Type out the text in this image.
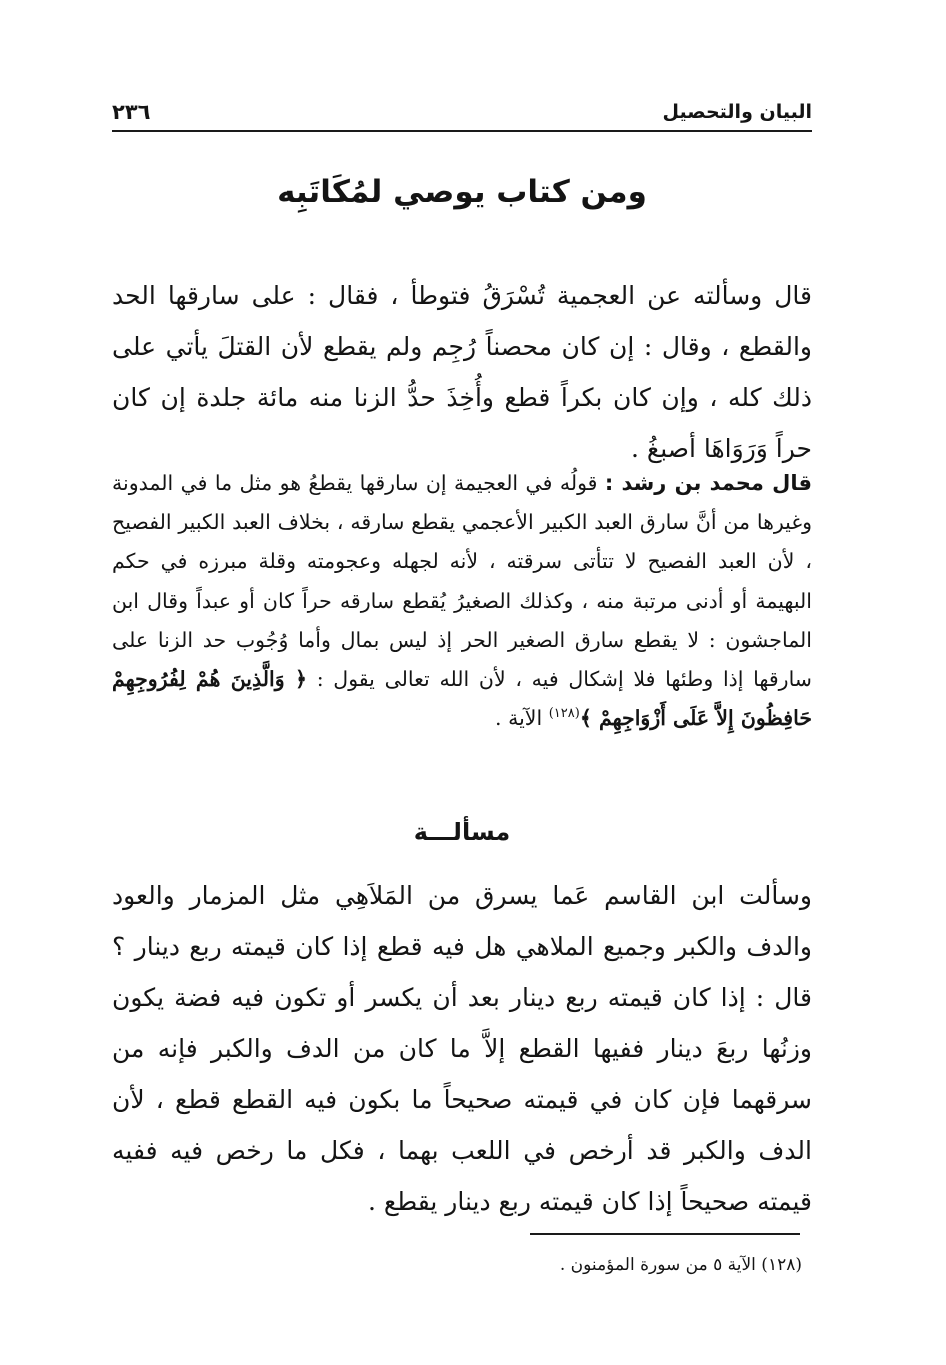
البيان والتحصيل
٢٣٦
ومن كتاب يوصي لمُكَاتَبِه

قال وسألته عن العجمية تُسْرَقُ فتوطأ ، فقال : على سارقها الحد والقطع ، وقال : إن كان محصناً رُجِم ولم يقطع لأن القتلَ يأتي على ذلك كله ، وإن كان بكراً قطع وأُخِذَ حدُّ الزنا منه مائة جلدة إن كان حراً وَرَوَاهَا أصبغُ .

قال محمد بن رشد : قولُه في العجيمة إن سارقها يقطعُ هو مثل ما في المدونة وغيرها من أنَّ سارق العبد الكبير الأعجمي يقطع سارقه ، بخلاف العبد الكبير الفصيح ، لأن العبد الفصيح لا تتأتى سرقته ، لأنه لجهله وعجومته وقلة مبرزه في حكم البهيمة أو أدنى مرتبة منه ، وكذلك الصغيرُ يُقطع سارقه حراً كان أو عبداً وقال ابن الماجشون : لا يقطع سارق الصغير الحر إذ ليس بمال وأما وُجُوب حد الزنا على سارقها إذا وطئها فلا إشكال فيه ، لأن الله تعالى يقول : ﴿ وَالَّذِينَ هُمْ لِفُرُوجِهِمْ حَافِظُونَ إِلاَّ عَلَى أَزْوَاجِهِمْ ﴾$^{(١٢٨)}$ الآية .

مسألـــة

وسألت ابن القاسم عَما يسرق من المَلاَهِي مثل المزمار والعود والدف والكبر وجميع الملاهي هل فيه قطع إذا كان قيمته ربع دينار ؟ قال : إذا كان قيمته ربع دينار بعد أن يكسر أو تكون فيه فضة يكون وزنُها ربعَ دينار ففيها القطع إلاَّ ما كان من الدف والكبر فإنه من سرقهما فإن كان في قيمته صحيحاً ما بكون فيه القطع قطع ، لأن الدف والكبر قد أرخص في اللعب بهما ، فكل ما رخص فيه ففيه قيمته صحيحاً إذا كان قيمته ربع دينار يقطع .

(١٢٨) الآية ٥ من سورة المؤمنون .
